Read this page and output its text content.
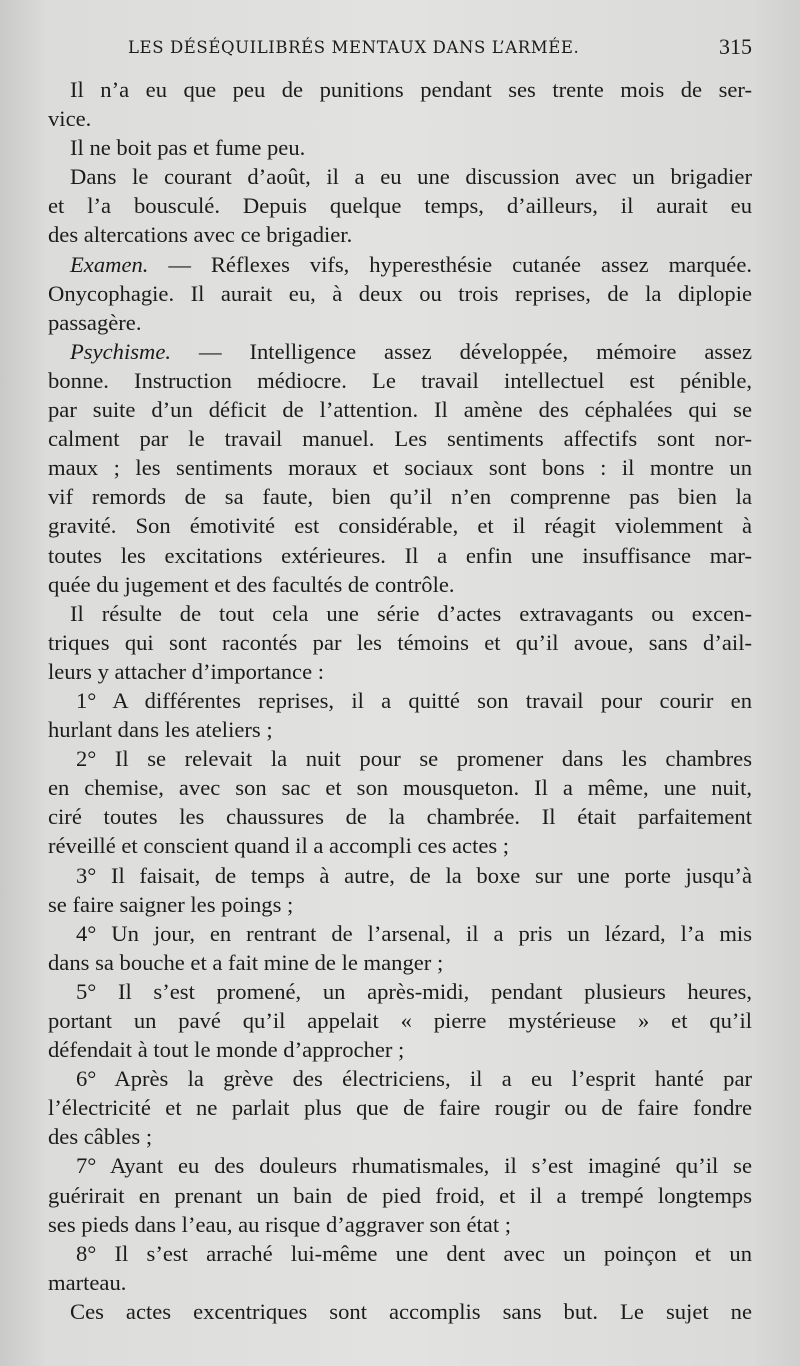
LES DÉSÉQUILIBRÉS MENTAUX DANS L’ARMÉE.	315
Il n’a eu que peu de punitions pendant ses trente mois de ser-
vice.
Il ne boit pas et fume peu.
Dans le courant d’août, il a eu une discussion avec un brigadier
et l’a bousculé. Depuis quelque temps, d’ailleurs, il aurait eu
des altercations avec ce brigadier.
Examen. — Réflexes vifs, hyperesthésie cutanée assez marquée.
Onycophagie. Il aurait eu, à deux ou trois reprises, de la diplopie
passagère.
Psychisme. — Intelligence assez développée, mémoire assez
bonne. Instruction médiocre. Le travail intellectuel est pénible,
par suite d’un déficit de l’attention. Il amène des céphalées qui se
calment par le travail manuel. Les sentiments affectifs sont nor-
maux ; les sentiments moraux et sociaux sont bons : il montre un
vif remords de sa faute, bien qu’il n’en comprenne pas bien la
gravité. Son émotivité est considérable, et il réagit violemment à
toutes les excitations extérieures. Il a enfin une insuffisance mar-
quée du jugement et des facultés de contrôle.
Il résulte de tout cela une série d’actes extravagants ou excen-
triques qui sont racontés par les témoins et qu’il avoue, sans d’ail-
leurs y attacher d’importance :
1° A différentes reprises, il a quitté son travail pour courir en
hurlant dans les ateliers ;
2° Il se relevait la nuit pour se promener dans les chambres
en chemise, avec son sac et son mousqueton. Il a même, une nuit,
ciré toutes les chaussures de la chambrée. Il était parfaitement
réveillé et conscient quand il a accompli ces actes ;
3° Il faisait, de temps à autre, de la boxe sur une porte jusqu’à
se faire saigner les poings ;
4° Un jour, en rentrant de l’arsenal, il a pris un lézard, l’a mis
dans sa bouche et a fait mine de le manger ;
5° Il s’est promené, un après-midi, pendant plusieurs heures,
portant un pavé qu’il appelait « pierre mystérieuse » et qu’il
défendait à tout le monde d’approcher ;
6° Après la grève des électriciens, il a eu l’esprit hanté par
l’électricité et ne parlait plus que de faire rougir ou de faire fondre
des câbles ;
7° Ayant eu des douleurs rhumatismales, il s’est imaginé qu’il se
guérirait en prenant un bain de pied froid, et il a trempé longtemps
ses pieds dans l’eau, au risque d’aggraver son état ;
8° Il s’est arraché lui-même une dent avec un poinçon et un
marteau.
Ces actes excentriques sont accomplis sans but. Le sujet ne
